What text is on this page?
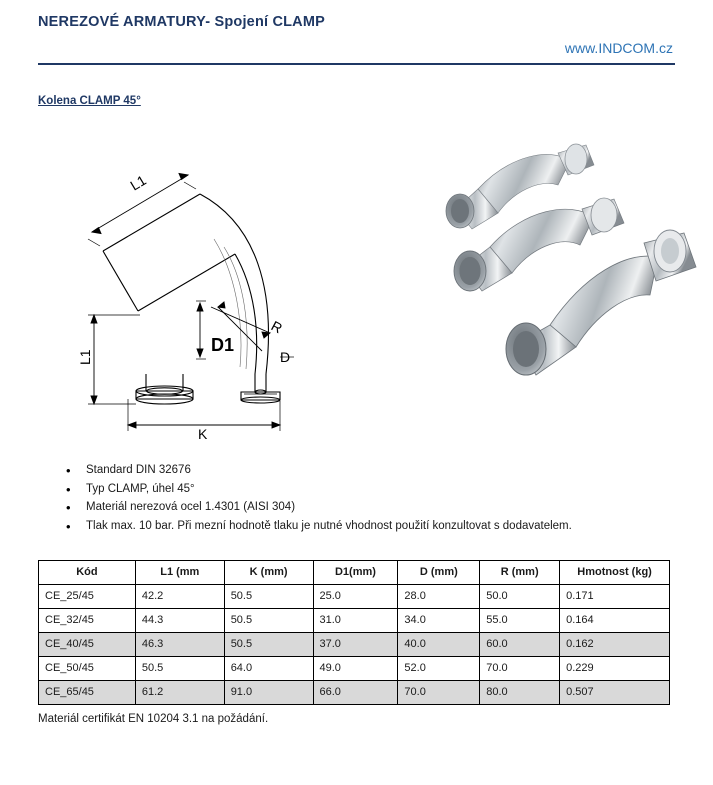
NEREZOVÉ ARMATURY- Spojení CLAMP
www.INDCOM.cz
Kolena CLAMP 45°
L1
L1
K
D1
D
R
• Standard DIN 32676
• Typ CLAMP, úhel 45°
• Materiál nerezová ocel 1.4301 (AISI 304)
• Tlak max. 10 bar. Při mezní hodnotě tlaku je nutné vhodnost použití konzultovat s dodavatelem.
Kód	L1 (mm	K (mm)	D1(mm)	D (mm)	R (mm)	Hmotnost (kg)
CE_25/45	42.2	50.5	25.0	28.0	50.0	0.171
CE_32/45	44.3	50.5	31.0	34.0	55.0	0.164
CE_40/45	46.3	50.5	37.0	40.0	60.0	0.162
CE_50/45	50.5	64.0	49.0	52.0	70.0	0.229
CE_65/45	61.2	91.0	66.0	70.0	80.0	0.507
Materiál certifikát EN 10204 3.1 na požádání.
